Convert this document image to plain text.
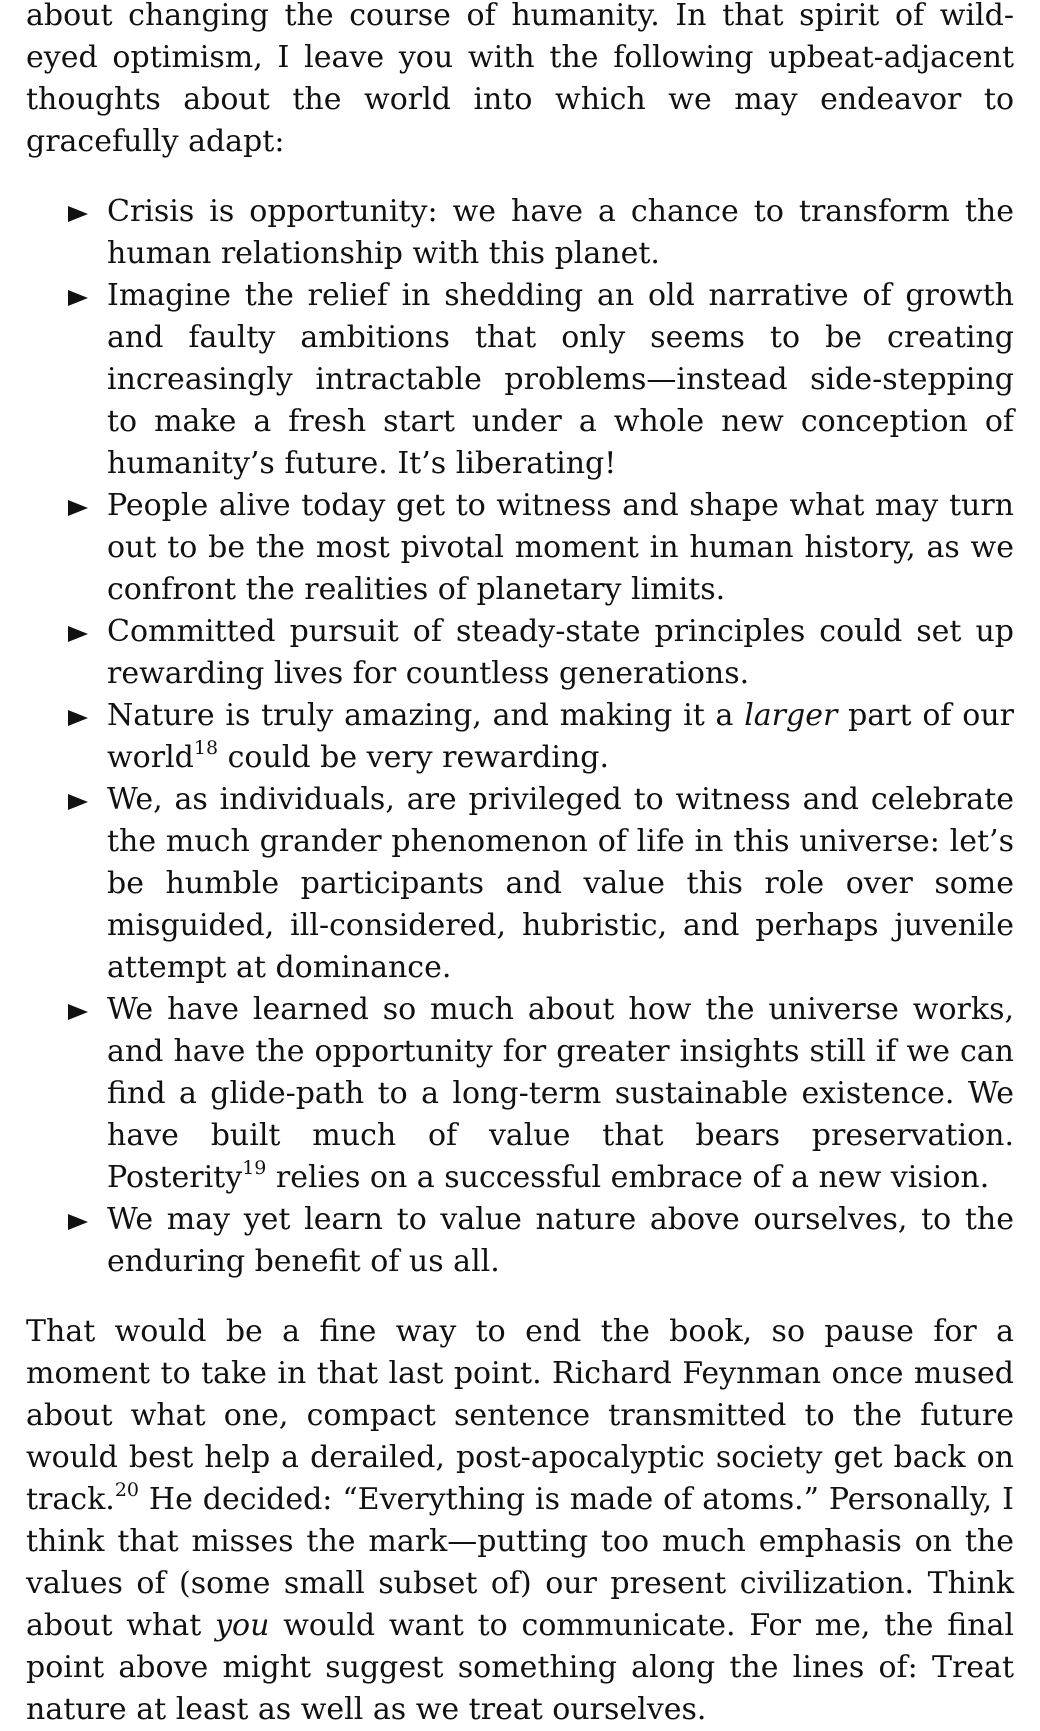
about changing the course of humanity. In that spirit of wild-eyed optimism, I leave you with the following upbeat-adjacent thoughts about the world into which we may endeavor to gracefully adapt:

Crisis is opportunity: we have a chance to transform the human relationship with this planet.
Imagine the relief in shedding an old narrative of growth and faulty ambitions that only seems to be creating increasingly intractable problems—instead side-stepping to make a fresh start under a whole new conception of humanity’s future. It’s liberating!
People alive today get to witness and shape what may turn out to be the most pivotal moment in human history, as we confront the realities of planetary limits.
Committed pursuit of steady-state principles could set up rewarding lives for countless generations.
Nature is truly amazing, and making it a larger part of our world$^{18}$ could be very rewarding.
We, as individuals, are privileged to witness and celebrate the much grander phenomenon of life in this universe: let’s be humble participants and value this role over some misguided, ill-considered, hubristic, and perhaps juvenile attempt at dominance.
We have learned so much about how the universe works, and have the opportunity for greater insights still if we can find a glide-path to a long-term sustainable existence. We have built much of value that bears preservation. Posterity$^{19}$ relies on a successful embrace of a new vision.
We may yet learn to value nature above ourselves, to the enduring benefit of us all.

That would be a fine way to end the book, so pause for a moment to take in that last point. Richard Feynman once mused about what one, compact sentence transmitted to the future would best help a derailed, post-apocalyptic society get back on track.$^{20}$ He decided: “Everything is made of atoms.” Personally, I think that misses the mark—putting too much emphasis on the values of (some small subset of) our present civilization. Think about what you would want to communicate. For me, the final point above might suggest something along the lines of: Treat nature at least as well as we treat ourselves.
